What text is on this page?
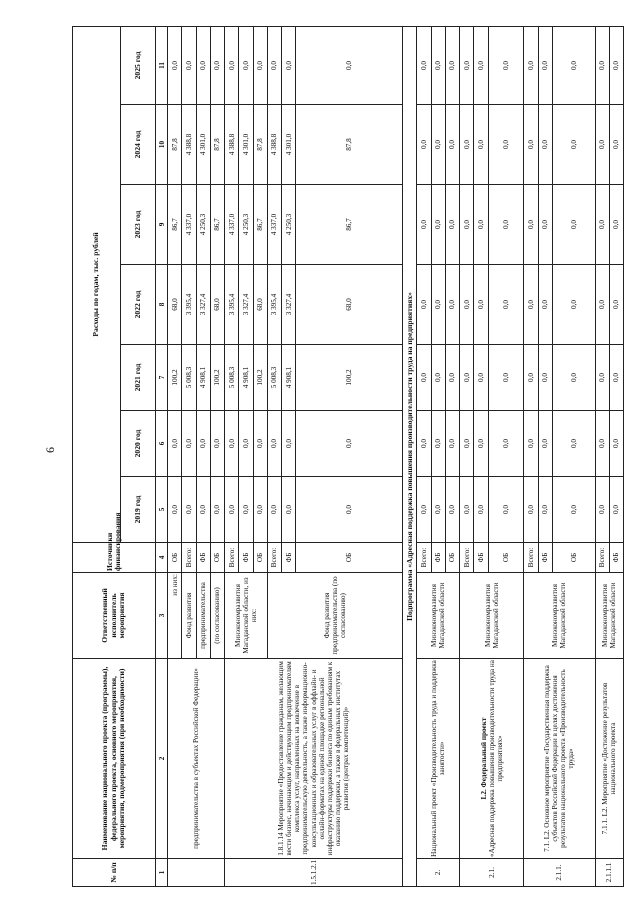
6
№ п/п	Наименование национального проекта (программы), федерального проекта, основного мероприятия, мероприятия, подмероприятия (при необходимости)	Ответственный исполнитель мероприятия	Источники финансирования	Расходы по годам, тыс. рублей						
				2019 год	2020 год	2021 год	2022 год	2023 год	2024 год	2025 год
1	2	3	4	5	6	7	8	9	10	11
	предпринимательства в субъектах Российской Федерации»	из них:	ОБ	0,0	0,0	100,2	68,0	86,7	87,8	0,0
		Фонд развития	Всего:	0,0	0,0	5 008,3	3 395,4	4 337,0	4 388,8	0,0
		предпринимательства	ФБ	0,0	0,0	4 908,1	3 327,4	4 250,3	4 301,0	0,0
		(по согласованию)	ОБ	0,0	0,0	100,2	68,0	86,7	87,8	0,0
1.5.1.2.1	1.8.1.14 Мероприятие «Предоставление гражданам, желающим вести бизнес, начинающим и действующим предпринимателям комплекса услуг, направленных на вовлечение в предпринимательскую деятельность, а также информационно-консультационных и образовательных услуг в оффлайн- и онлайн-форматах на единой площадке региональной инфраструктуры поддержки бизнеса по единым требованиям к оказанию поддержки, а также в федеральных институтах развития (центрах компетенций)»	Минэкономразвития Магаданской области, из них:	Всего:	0,0	0,0	5 008,3	3 395,4	4 337,0	4 388,8	0,0
			ФБ	0,0	0,0	4 908,1	3 327,4	4 250,3	4 301,0	0,0
			ОБ	0,0	0,0	100,2	68,0	86,7	87,8	0,0
		Фонд развития предпринимательства (по согласованию)	Всего:	0,0	0,0	5 008,3	3 395,4	4 337,0	4 388,8	0,0
			ФБ	0,0	0,0	4 908,1	3 327,4	4 250,3	4 301,0	0,0
			ОБ	0,0	0,0	100,2	68,0	86,7	87,8	0,0
Подпрограмма «Адресная поддержка повышения производительности труда на предприятиях»										
2.	Национальный проект «Производительность труда и поддержка занятости»	Минэкономразвития Магаданской области	Всего:	0,0	0,0	0,0	0,0	0,0	0,0	0,0
			ФБ	0,0	0,0	0,0	0,0	0,0	0,0	0,0
			ОБ	0,0	0,0	0,0	0,0	0,0	0,0	0,0
2.1.	L2. Федеральный проект «Адресная поддержка повышения производительности труда на предприятиях»	Минэкономразвития Магаданской области	Всего:	0,0	0,0	0,0	0,0	0,0	0,0	0,0
			ФБ	0,0	0,0	0,0	0,0	0,0	0,0	0,0
			ОБ	0,0	0,0	0,0	0,0	0,0	0,0	0,0
2.1.1.	7.1. L2. Основное мероприятие «Государственная поддержка субъектов Российской Федерации в целях достижения результатов национального проекта «Производительность труда»	Минэкономразвития Магаданской области	Всего:	0,0	0,0	0,0	0,0	0,0	0,0	0,0
			ФБ	0,0	0,0	0,0	0,0	0,0	0,0	0,0
			ОБ	0,0	0,0	0,0	0,0	0,0	0,0	0,0
2.1.1.1	7.1.1. L2. Мероприятие «Достижение результатов национального проекта	Минэкономразвития Магаданской области	Всего:	0,0	0,0	0,0	0,0	0,0	0,0	0,0
			ФБ	0,0	0,0	0,0	0,0	0,0	0,0	0,0
